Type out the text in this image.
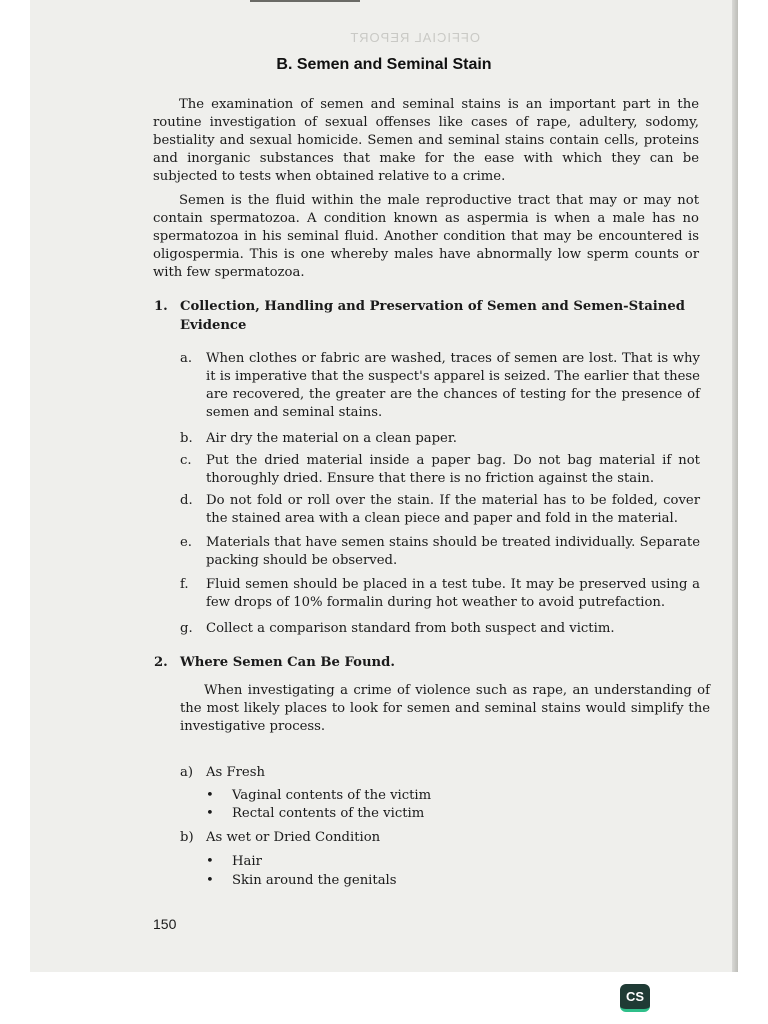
OFFICIAL REPORT
B. Semen and Seminal Stain

The examination of semen and seminal stains is an important part in the routine investigation of sexual offenses like cases of rape, adultery, sodomy, bestiality and sexual homicide. Semen and seminal stains contain cells, proteins and inorganic substances that make for the ease with which they can be subjected to tests when obtained relative to a crime.

Semen is the fluid within the male reproductive tract that may or may not contain spermatozoa. A condition known as aspermia is when a male has no spermatozoa in his seminal fluid. Another condition that may be encountered is oligospermia. This is one whereby males have abnormally low sperm counts or with few spermatozoa.

1. Collection, Handling and Preservation of Semen and Semen-Stained Evidence
a. When clothes or fabric are washed, traces of semen are lost. That is why it is imperative that the suspect's apparel is seized. The earlier that these are recovered, the greater are the chances of testing for the presence of semen and seminal stains.
b. Air dry the material on a clean paper.
c. Put the dried material inside a paper bag. Do not bag material if not thoroughly dried. Ensure that there is no friction against the stain.
d. Do not fold or roll over the stain. If the material has to be folded, cover the stained area with a clean piece and paper and fold in the material.
e. Materials that have semen stains should be treated individually. Separate packing should be observed.
f. Fluid semen should be placed in a test tube. It may be preserved using a few drops of 10% formalin during hot weather to avoid putrefaction.
g. Collect a comparison standard from both suspect and victim.
2. Where Semen Can Be Found.

When investigating a crime of violence such as rape, an understanding of the most likely places to look for semen and seminal stains would simplify the investigative process.

a) As Fresh
• Vaginal contents of the victim
• Rectal contents of the victim
b) As wet or Dried Condition
• Hair
• Skin around the genitals
150
CS
